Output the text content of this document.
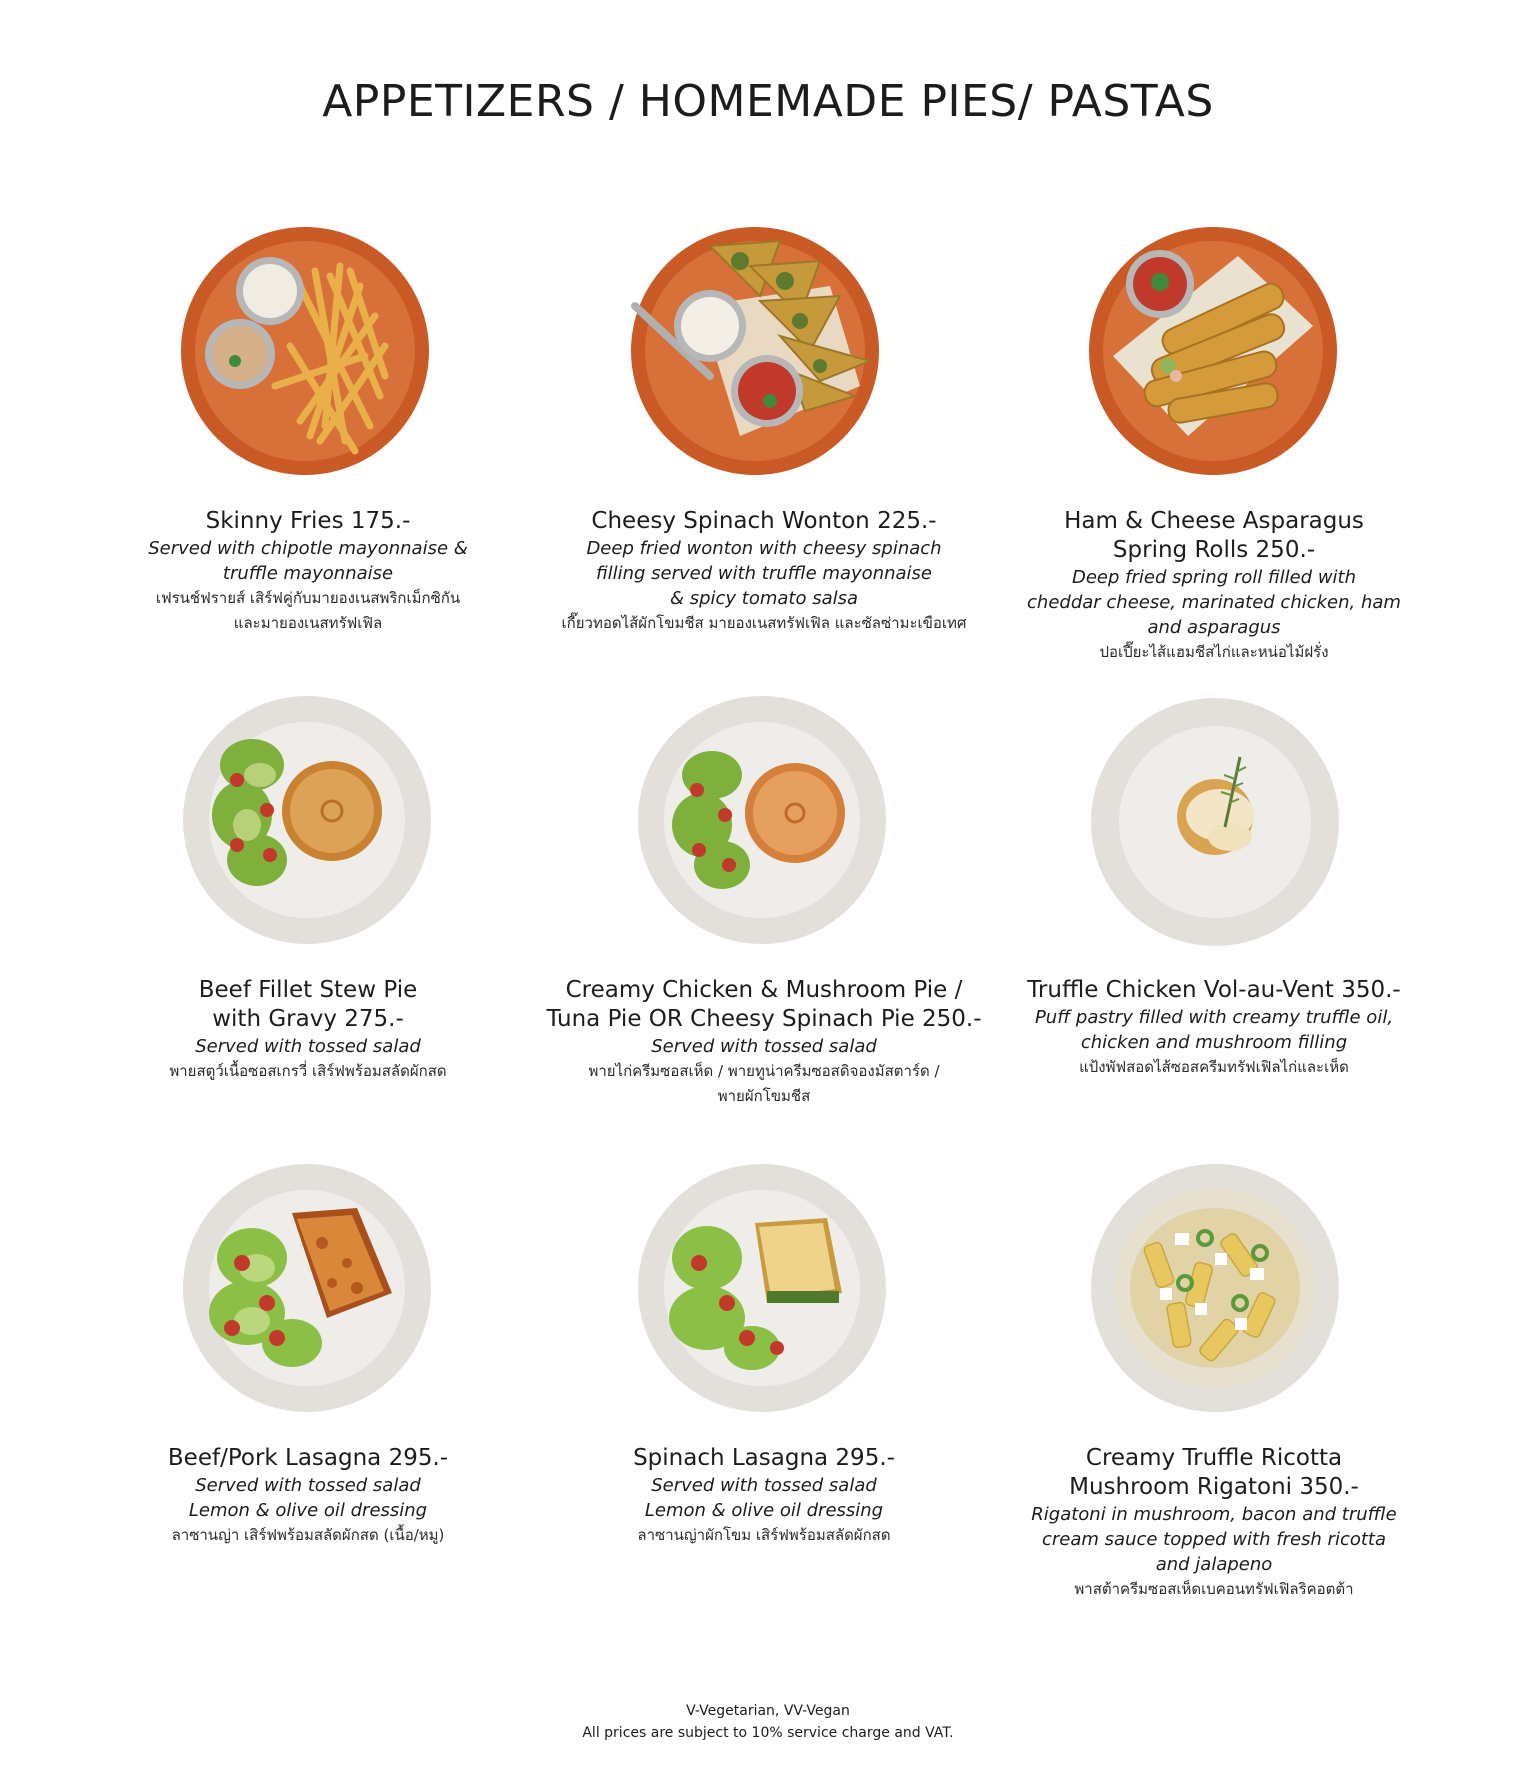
APPETIZERS / HOMEMADE PIES/ PASTAS
Skinny Fries 175.-

Served with chipotle mayonnaise &
truffle mayonnaise

เฟรนช์ฟรายส์ เสิร์ฟคู่กับมายองเนสพริกเม็กซิกัน
และมายองเนสทรัฟเฟิล

Cheesy Spinach Wonton 225.-

Deep fried wonton with cheesy spinach
filling served with truffle mayonnaise
& spicy tomato salsa

เกี๊ยวทอดไส้ผักโขมชีส มายองเนสทรัฟเฟิล และซัลซ่ามะเขือเทศ

Ham & Cheese Asparagus
Spring Rolls 250.-

Deep fried spring roll filled with
cheddar cheese, marinated chicken, ham
and asparagus

ปอเปี๊ยะไส้แฮมชีสไก่และหน่อไม้ฝรั่ง

Beef Fillet Stew Pie
with Gravy 275.-

Served with tossed salad

พายสตูว์เนื้อซอสเกรวี่ เสิร์ฟพร้อมสลัดผักสด

Creamy Chicken & Mushroom Pie /
Tuna Pie OR Cheesy Spinach Pie 250.-

Served with tossed salad

พายไก่ครีมซอสเห็ด / พายทูน่าครีมซอสดิจองมัสตาร์ด /
พายผักโขมชีส

Truffle Chicken Vol-au-Vent 350.-

Puff pastry filled with creamy truffle oil,
chicken and mushroom filling

แป้งพัฟสอดไส้ซอสครีมทรัฟเฟิลไก่และเห็ด

Beef/Pork Lasagna 295.-

Served with tossed salad
Lemon & olive oil dressing

ลาซานญ่า เสิร์ฟพร้อมสลัดผักสด (เนื้อ/หมู)

Spinach Lasagna 295.-

Served with tossed salad
Lemon & olive oil dressing

ลาซานญ่าผักโขม เสิร์ฟพร้อมสลัดผักสด

Creamy Truffle Ricotta
Mushroom Rigatoni 350.-

Rigatoni in mushroom, bacon and truffle
cream sauce topped with fresh ricotta
and jalapeno

พาสต้าครีมซอสเห็ดเบคอนทรัฟเฟิลริคอตต้า

V-Vegetarian, VV-Vegan
All prices are subject to 10% service charge and VAT.
